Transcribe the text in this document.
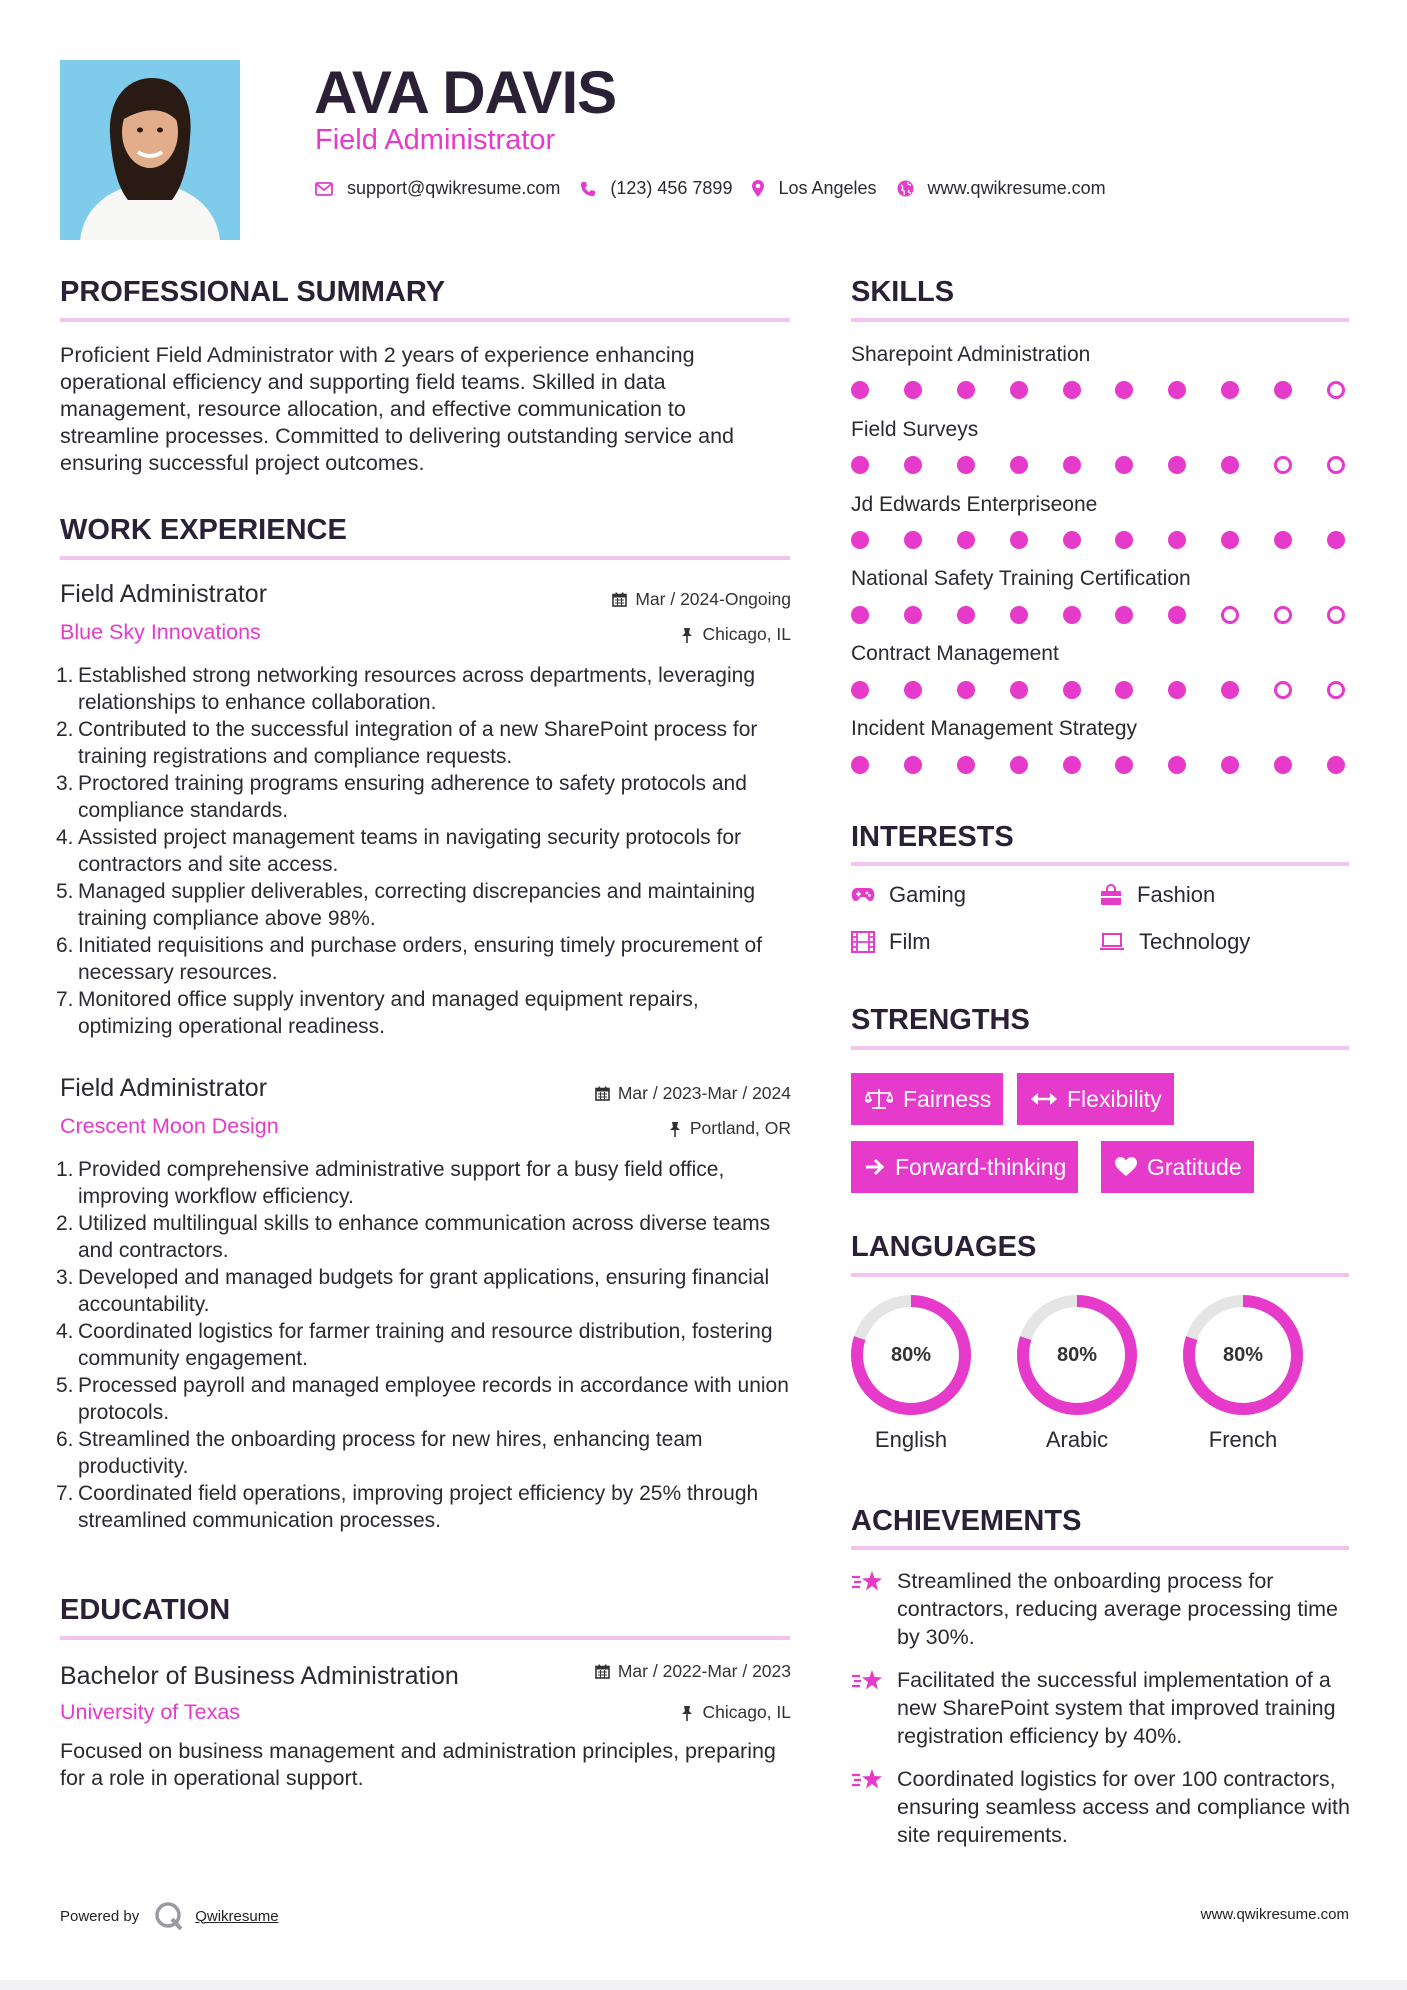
AVA DAVIS
Field Administrator
support@qwikresume.com	(123) 456 7899	Los Angeles	www.qwikresume.com
PROFESSIONAL SUMMARY
Proficient Field Administrator with 2 years of experience enhancing operational efficiency and supporting field teams. Skilled in data management, resource allocation, and effective communication to streamline processes. Committed to delivering outstanding service and ensuring successful project outcomes.
WORK EXPERIENCE
Field Administrator	Mar / 2024-Ongoing
Blue Sky Innovations	Chicago, IL
1. Established strong networking resources across departments, leveraging relationships to enhance collaboration.
2. Contributed to the successful integration of a new SharePoint process for training registrations and compliance requests.
3. Proctored training programs ensuring adherence to safety protocols and compliance standards.
4. Assisted project management teams in navigating security protocols for contractors and site access.
5. Managed supplier deliverables, correcting discrepancies and maintaining training compliance above 98%.
6. Initiated requisitions and purchase orders, ensuring timely procurement of necessary resources.
7. Monitored office supply inventory and managed equipment repairs, optimizing operational readiness.
Field Administrator	Mar / 2023-Mar / 2024
Crescent Moon Design	Portland, OR
1. Provided comprehensive administrative support for a busy field office, improving workflow efficiency.
2. Utilized multilingual skills to enhance communication across diverse teams and contractors.
3. Developed and managed budgets for grant applications, ensuring financial accountability.
4. Coordinated logistics for farmer training and resource distribution, fostering community engagement.
5. Processed payroll and managed employee records in accordance with union protocols.
6. Streamlined the onboarding process for new hires, enhancing team productivity.
7. Coordinated field operations, improving project efficiency by 25% through streamlined communication processes.
EDUCATION
Bachelor of Business Administration	Mar / 2022-Mar / 2023
University of Texas	Chicago, IL
Focused on business management and administration principles, preparing for a role in operational support.
SKILLS
Sharepoint Administration
Field Surveys
Jd Edwards Enterpriseone
National Safety Training Certification
Contract Management
Incident Management Strategy
INTERESTS
Gaming	Fashion
Film	Technology
STRENGTHS
Fairness	Flexibility
Forward-thinking	Gratitude
LANGUAGES
80%
English
80%
Arabic
80%
French
ACHIEVEMENTS
Streamlined the onboarding process for contractors, reducing average processing time by 30%.
Facilitated the successful implementation of a new SharePoint system that improved training registration efficiency by 40%.
Coordinated logistics for over 100 contractors, ensuring seamless access and compliance with site requirements.
Powered by	Qwikresume	www.qwikresume.com
